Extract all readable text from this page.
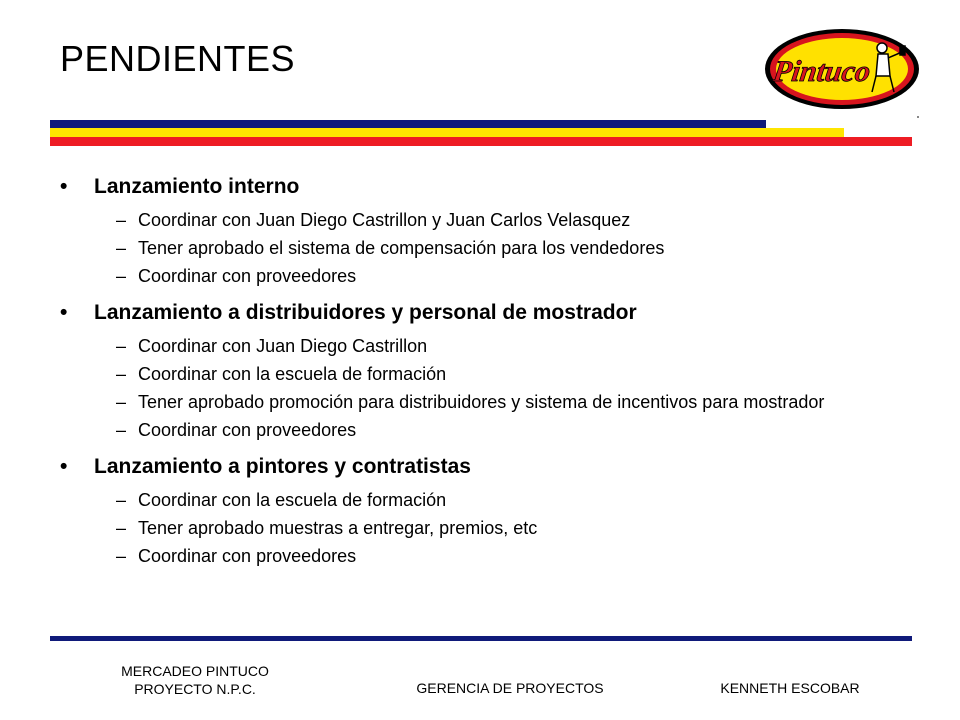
PENDIENTES	Pintuco
•	Lanzamiento interno
– Coordinar con Juan Diego Castrillon y Juan Carlos Velasquez
– Tener aprobado el sistema de compensación para los vendedores
– Coordinar con proveedores
•	Lanzamiento a distribuidores y personal de mostrador
– Coordinar con Juan Diego Castrillon
– Coordinar con la escuela de formación
– Tener aprobado promoción para distribuidores y sistema de incentivos para mostrador
– Coordinar con proveedores
•	Lanzamiento a pintores y contratistas
– Coordinar con la escuela de formación
– Tener aprobado muestras a entregar, premios, etc
– Coordinar con proveedores
MERCADEO PINTUCO
PROYECTO N.P.C.	GERENCIA DE PROYECTOS	KENNETH ESCOBAR
